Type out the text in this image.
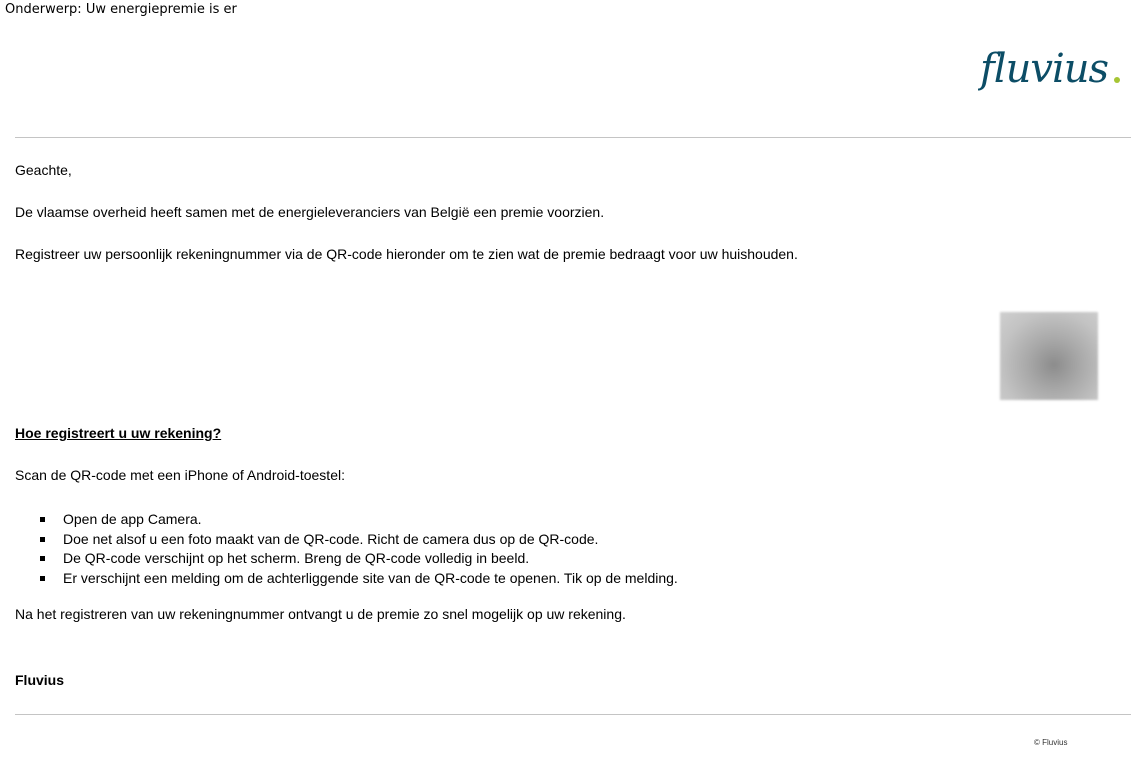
Onderwerp: Uw energiepremie is er
fluvius
Geachte,
De vlaamse overheid heeft samen met de energieleveranciers van België een premie voorzien.
Registreer uw persoonlijk rekeningnummer via de QR-code hieronder om te zien wat de premie bedraagt voor uw huishouden.
Hoe registreert u uw rekening?
Scan de QR-code met een iPhone of Android-toestel:
Open de app Camera.
Doe net alsof u een foto maakt van de QR-code. Richt de camera dus op de QR-code.
De QR-code verschijnt op het scherm. Breng de QR-code volledig in beeld.
Er verschijnt een melding om de achterliggende site van de QR-code te openen. Tik op de melding.
Na het registreren van uw rekeningnummer ontvangt u de premie zo snel mogelijk op uw rekening.
Fluvius
© Fluvius
